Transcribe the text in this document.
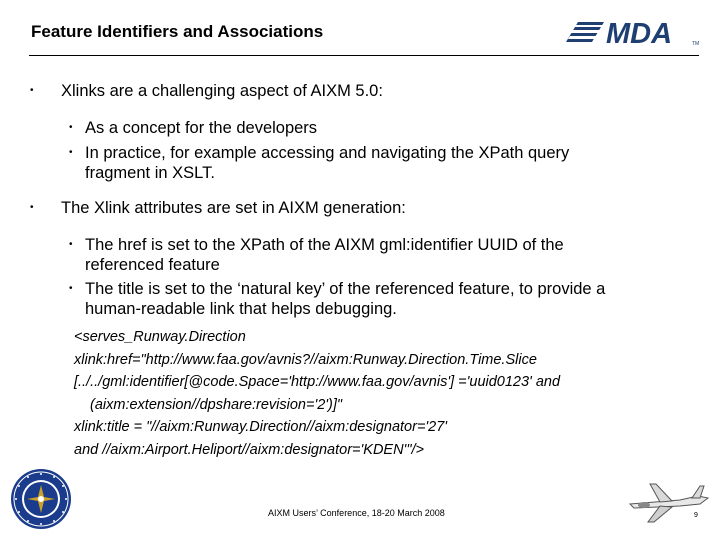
Feature Identifiers and Associations	MDA	TM
• Xlinks are a challenging aspect of AIXM 5.0:
• As a concept for the developers
• In practice, for example accessing and navigating the XPath query fragment in XSLT.
• The Xlink attributes are set in AIXM generation:
• The href is set to the XPath of the AIXM gml:identifier UUID of the referenced feature
• The title is set to the ‘natural key’ of the referenced feature, to provide a human-readable link that helps debugging.
<serves_Runway.Direction
xlink:href="http://www.faa.gov/avnis?//aixm:Runway.Direction.Time.Slice
[../../gml:identifier[@code.Space='http://www.faa.gov/avnis'] ='uuid0123' and
(aixm:extension//dpshare:revision='2')]"
xlink:title = "//aixm:Runway.Direction//aixm:designator='27'
and //aixm:Airport.Heliport//aixm:designator='KDEN'"/>
AIXM Users’ Conference, 18-20 March 2008	9
